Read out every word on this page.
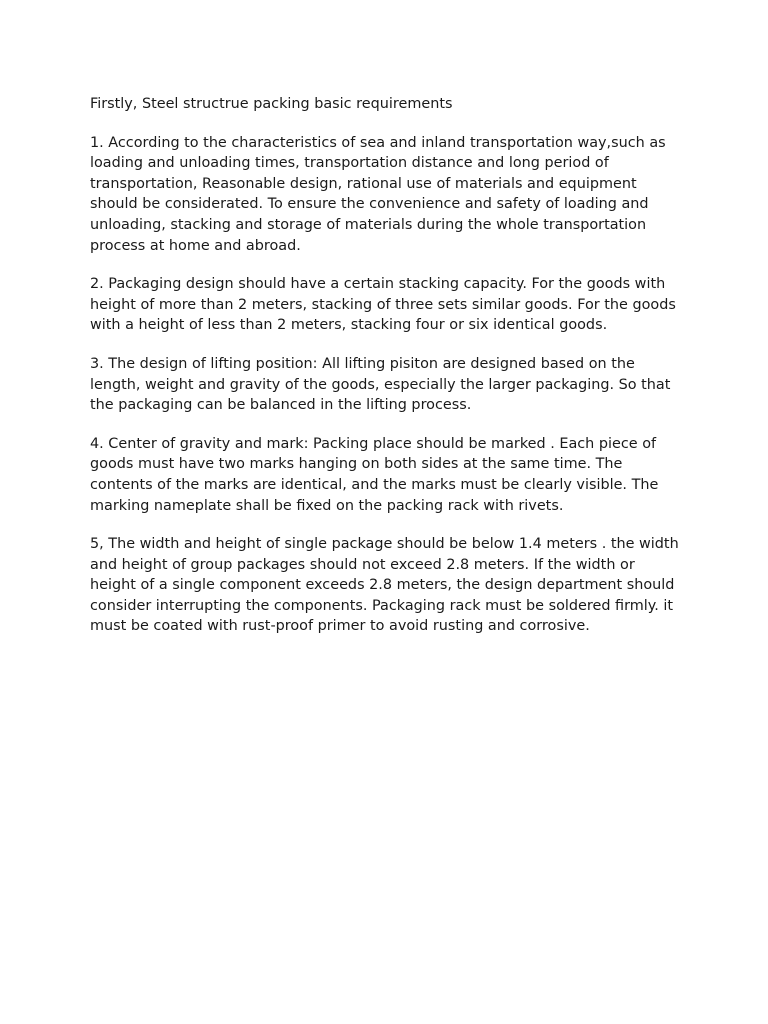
Firstly, Steel structrue packing basic requirements

1. According to the characteristics of sea and inland transportation way,such as loading and unloading times, transportation distance and long period of transportation, Reasonable design, rational use of materials and equipment should be considerated. To ensure the convenience and safety of loading and unloading, stacking and storage of materials during the whole transportation process at home and abroad.

2. Packaging design should have a certain stacking capacity. For the goods with height of more than 2 meters, stacking of three sets similar goods. For the goods with a height of less than 2 meters, stacking four or six identical goods.

3. The design of lifting position: All lifting pisiton are designed based on the length, weight and gravity of the goods, especially the larger packaging. So that the packaging can be balanced in the lifting process.

4. Center of gravity and mark: Packing place should be marked . Each piece of goods must have two marks hanging on both sides at the same time. The contents of the marks are identical, and the marks must be clearly visible. The marking nameplate shall be fixed on the packing rack with rivets.

5, The width and height of single package should be below 1.4 meters . the width and height of group packages should not exceed 2.8 meters. If the width or height of a single component exceeds 2.8 meters, the design department should consider interrupting the components. Packaging rack must be soldered firmly. it must be coated with rust-proof primer to avoid rusting and corrosive.
